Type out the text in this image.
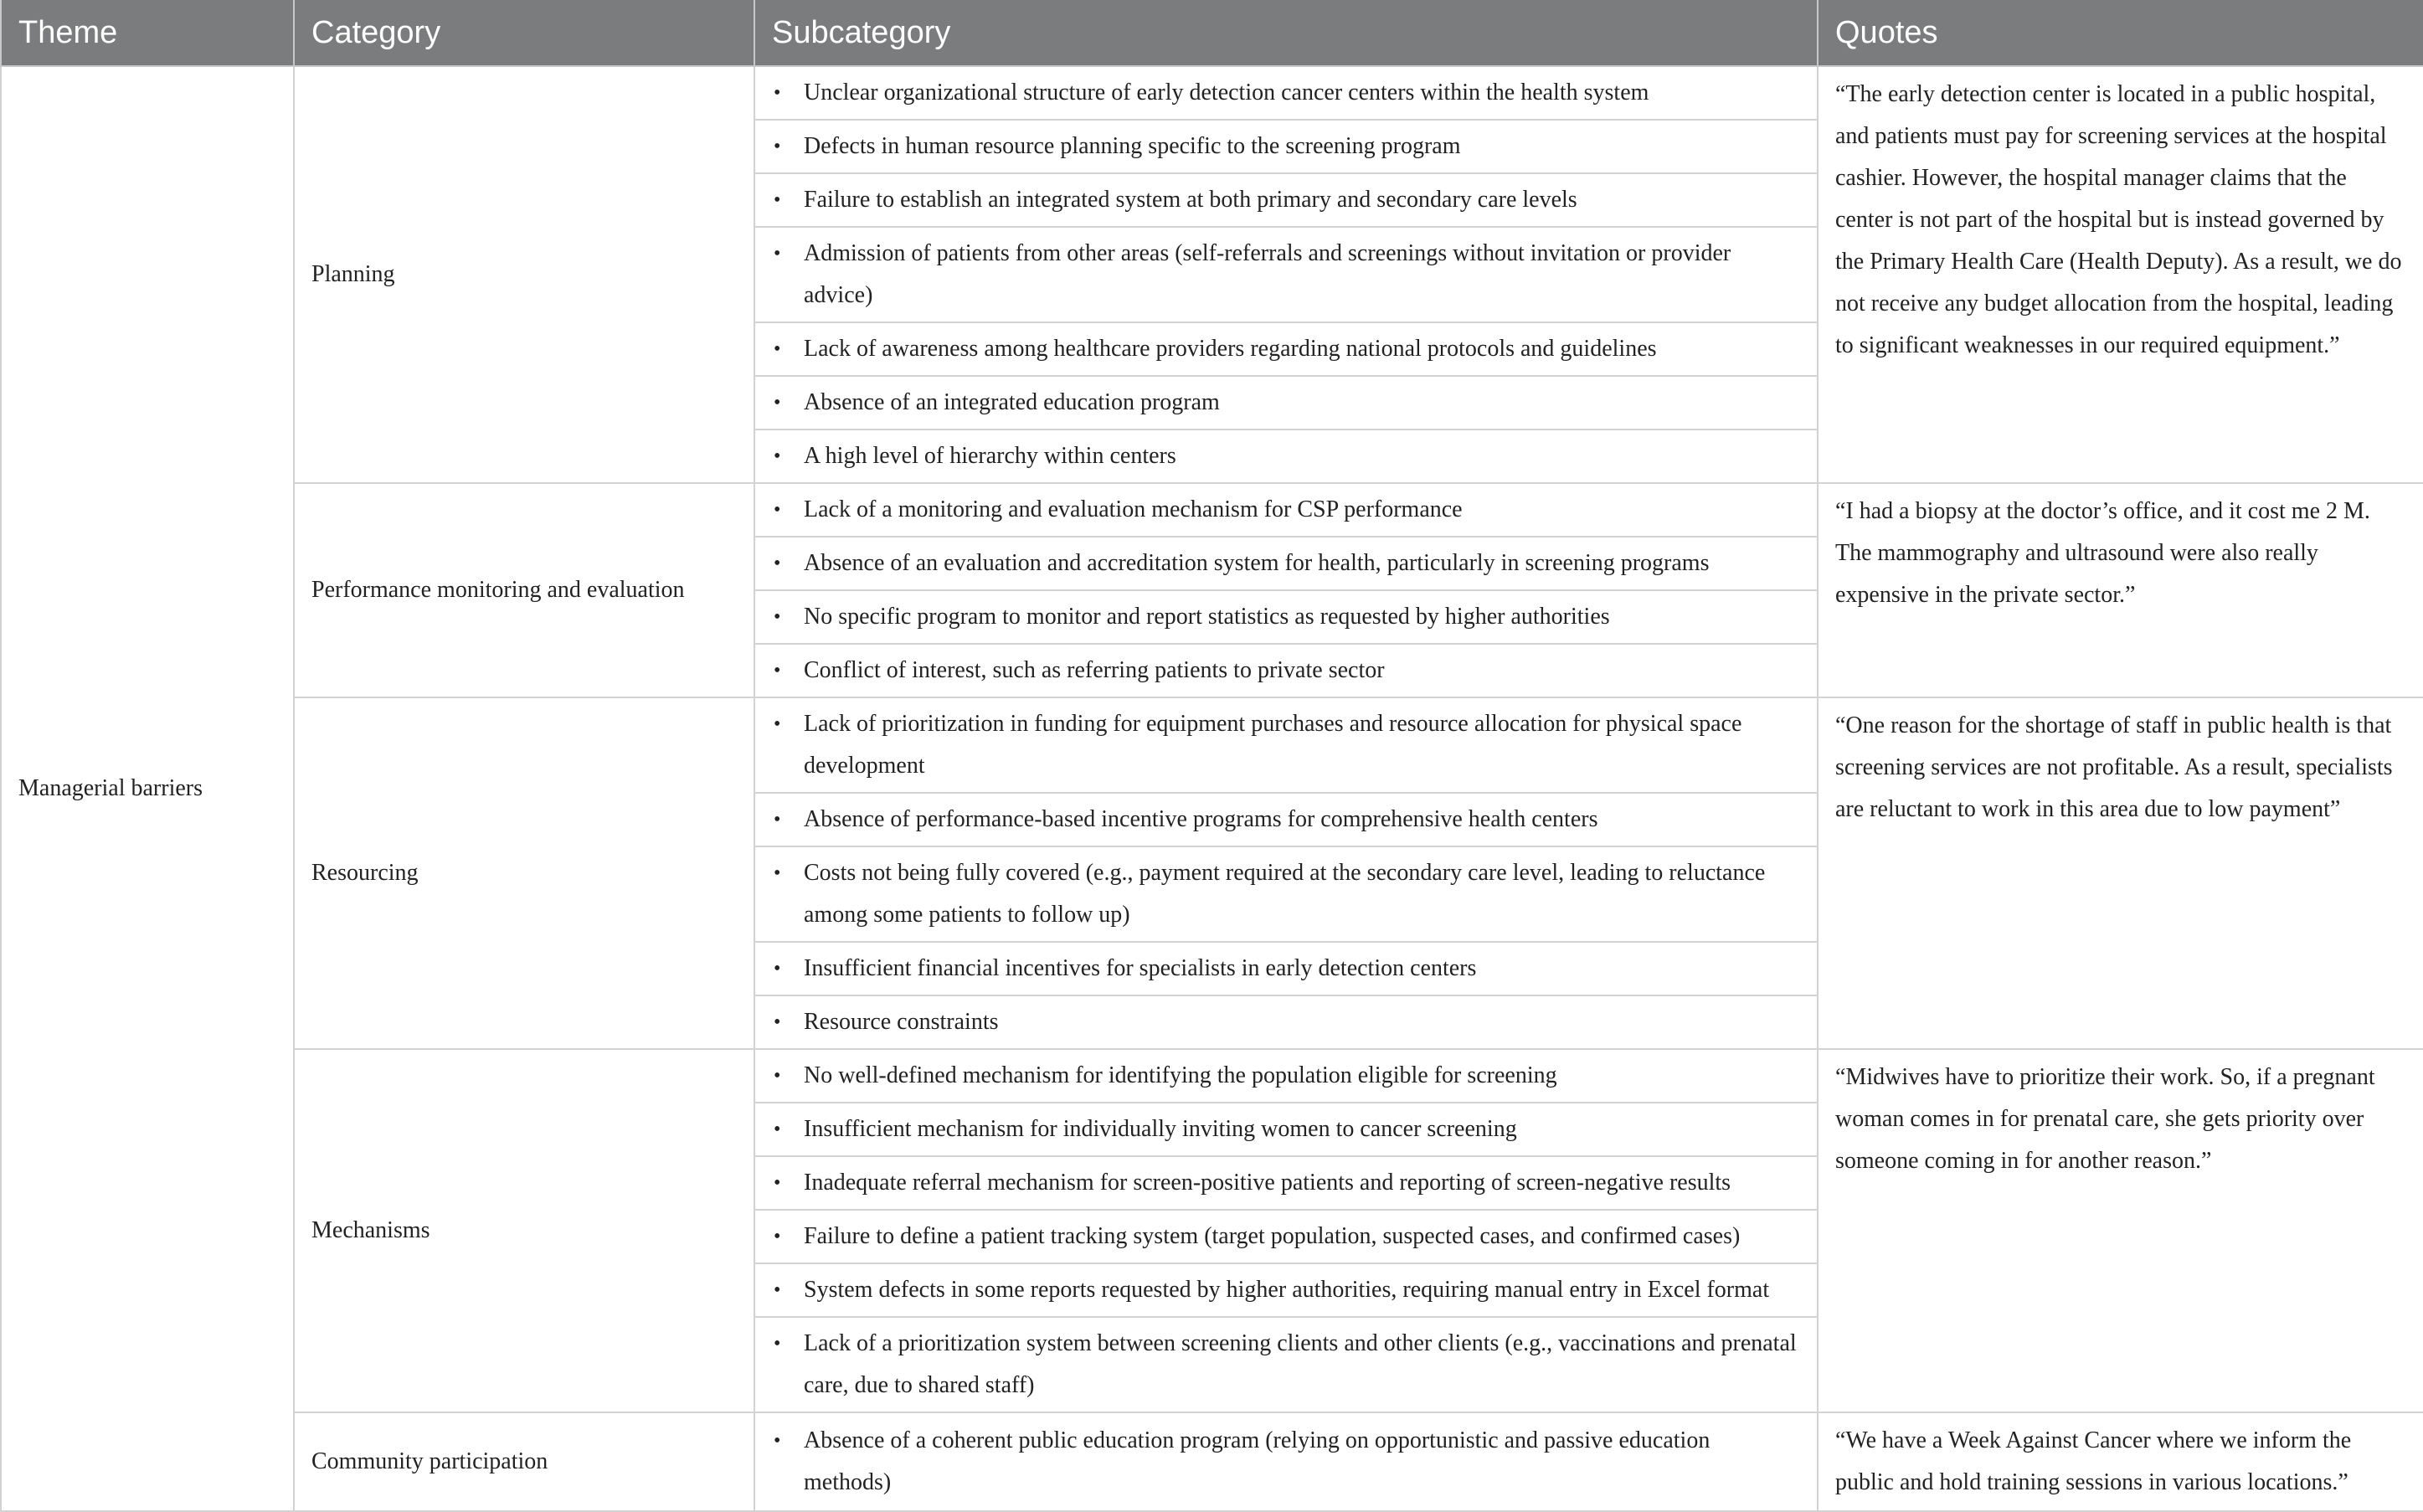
Theme	Category	Subcategory	Quotes
Managerial barriers	Planning	• Unclear organizational structure of early detection cancer centers within the health system	“The early detection center is located in a public hospital, and patients must pay for screening services at the hospital cashier. However, the hospital manager claims that the center is not part of the hospital but is instead governed by the Primary Health Care (Health Deputy). As a result, we do not receive any budget allocation from the hospital, leading to significant weaknesses in our required equipment.”

		• Defects in human resource planning specific to the screening program	

		• Failure to establish an integrated system at both primary and secondary care levels	

		• Admission of patients from other areas (self-referrals and screenings without invitation or provider advice)	

		• Lack of awareness among healthcare providers regarding national protocols and guidelines	

		• Absence of an integrated education program	

		• A high level of hierarchy within centers	

	Performance monitoring and evaluation	• Lack of a monitoring and evaluation mechanism for CSP performance	“I had a biopsy at the doctor’s office, and it cost me 2 M. The mammography and ultrasound were also really expensive in the private sector.”

		• Absence of an evaluation and accreditation system for health, particularly in screening programs	

		• No specific program to monitor and report statistics as requested by higher authorities	

		• Conflict of interest, such as referring patients to private sector	

	Resourcing	• Lack of prioritization in funding for equipment purchases and resource allocation for physical space development	“One reason for the shortage of staff in public health is that screening services are not profitable. As a result, specialists are reluctant to work in this area due to low payment”

		• Absence of performance-based incentive programs for comprehensive health centers	

		• Costs not being fully covered (e.g., payment required at the secondary care level, leading to reluctance among some patients to follow up)	

		• Insufficient financial incentives for specialists in early detection centers	

		• Resource constraints	

	Mechanisms	• No well-defined mechanism for identifying the population eligible for screening	“Midwives have to prioritize their work. So, if a pregnant woman comes in for prenatal care, she gets priority over someone coming in for another reason.”

		• Insufficient mechanism for individually inviting women to cancer screening	

		• Inadequate referral mechanism for screen-positive patients and reporting of screen-negative results	

		• Failure to define a patient tracking system (target population, suspected cases, and confirmed cases)	

		• System defects in some reports requested by higher authorities, requiring manual entry in Excel format	

		• Lack of a prioritization system between screening clients and other clients (e.g., vaccinations and prenatal care, due to shared staff)	

	Community participation	• Absence of a coherent public education program (relying on opportunistic and passive education methods)	“We have a Week Against Cancer where we inform the public and hold training sessions in various locations.”
